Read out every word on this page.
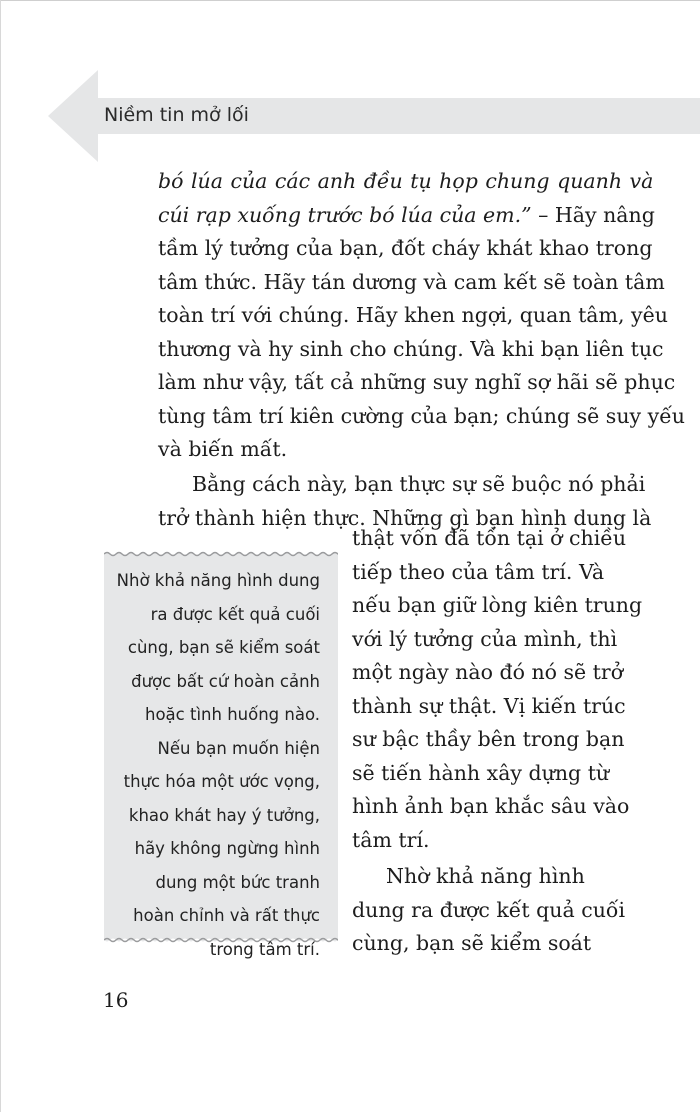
Niềm tin mở lối
bó lúa của các anh đều tụ họp chung quanh và
cúi rạp xuống trước bó lúa của em.” – Hãy nâng
tầm lý tưởng của bạn, đốt cháy khát khao trong
tâm thức. Hãy tán dương và cam kết sẽ toàn tâm
toàn trí với chúng. Hãy khen ngợi, quan tâm, yêu
thương và hy sinh cho chúng. Và khi bạn liên tục
làm như vậy, tất cả những suy nghĩ sợ hãi sẽ phục
tùng tâm trí kiên cường của bạn; chúng sẽ suy yếu
và biến mất.
Bằng cách này, bạn thực sự sẽ buộc nó phải
trở thành hiện thực. Những gì bạn hình dung là
thật vốn đã tồn tại ở chiều
tiếp theo của tâm trí. Và
nếu bạn giữ lòng kiên trung
với lý tưởng của mình, thì
một ngày nào đó nó sẽ trở
thành sự thật. Vị kiến trúc
sư bậc thầy bên trong bạn
sẽ tiến hành xây dựng từ
hình ảnh bạn khắc sâu vào
tâm trí.
Nhờ khả năng hình
dung ra được kết quả cuối
cùng, bạn sẽ kiểm soát
Nhờ khả năng hình dung
ra được kết quả cuối
cùng, bạn sẽ kiểm soát
được bất cứ hoàn cảnh
hoặc tình huống nào.
Nếu bạn muốn hiện
thực hóa một ước vọng,
khao khát hay ý tưởng,
hãy không ngừng hình
dung một bức tranh
hoàn chỉnh và rất thực
trong tâm trí.
16
